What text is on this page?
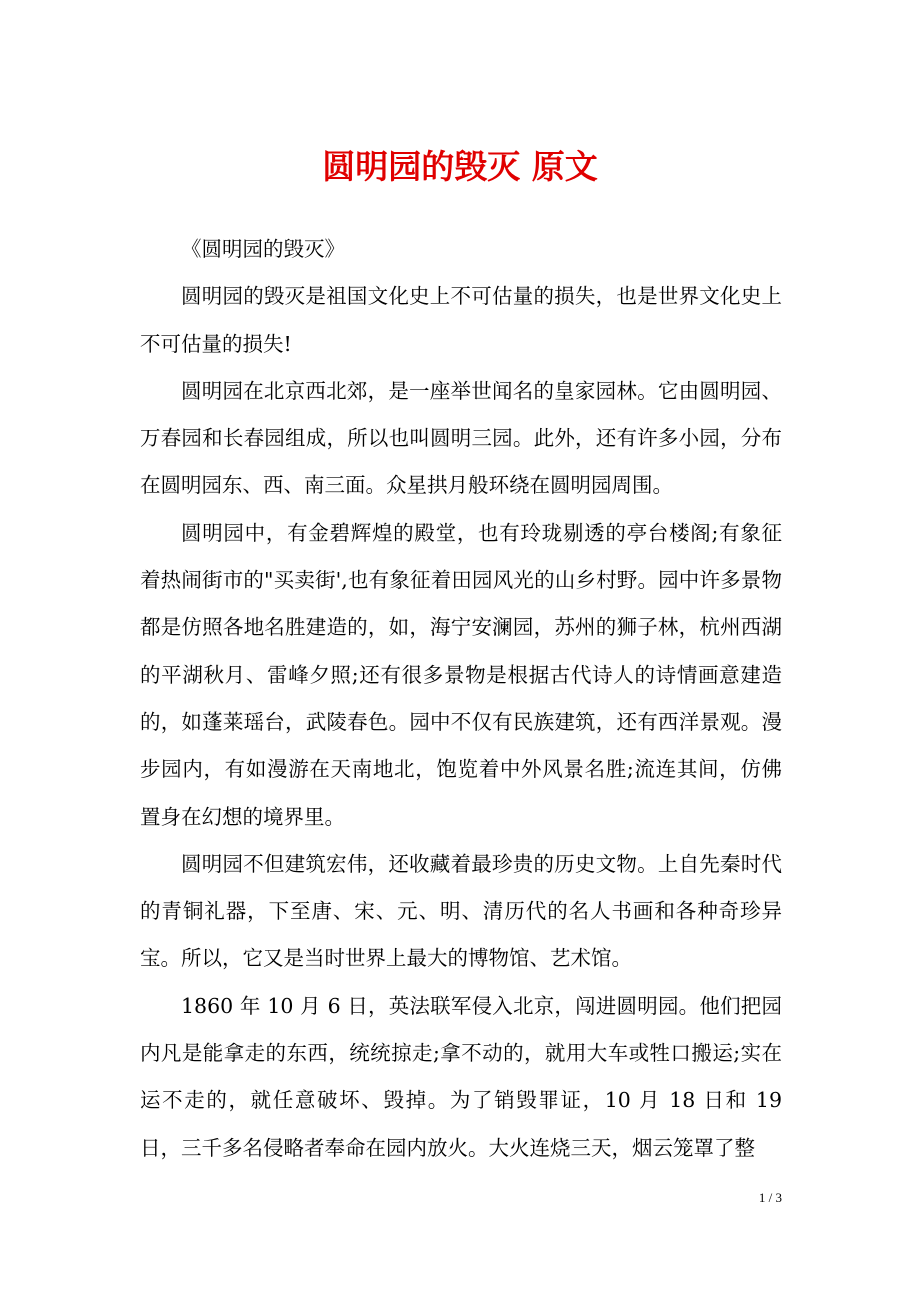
圆明园的毁灭 原文

《圆明园的毁灭》

圆明园的毁灭是祖国文化史上不可估量的损失，也是世界文化史上不可估量的损失!

圆明园在北京西北郊，是一座举世闻名的皇家园林。它由圆明园、万春园和长春园组成，所以也叫圆明三园。此外，还有许多小园，分布在圆明园东、西、南三面。众星拱月般环绕在圆明园周围。

圆明园中，有金碧辉煌的殿堂，也有玲珑剔透的亭台楼阁;有象征着热闹街市的"买卖街',也有象征着田园风光的山乡村野。园中许多景物都是仿照各地名胜建造的，如，海宁安澜园，苏州的狮子林，杭州西湖的平湖秋月、雷峰夕照;还有很多景物是根据古代诗人的诗情画意建造的，如蓬莱瑶台，武陵春色。园中不仅有民族建筑，还有西洋景观。漫步园内，有如漫游在天南地北，饱览着中外风景名胜;流连其间，仿佛置身在幻想的境界里。

圆明园不但建筑宏伟，还收藏着最珍贵的历史文物。上自先秦时代的青铜礼器，下至唐、宋、元、明、清历代的名人书画和各种奇珍异宝。所以，它又是当时世界上最大的博物馆、艺术馆。

1860 年 10 月 6 日，英法联军侵入北京，闯进圆明园。他们把园内凡是能拿走的东西，统统掠走;拿不动的，就用大车或牲口搬运;实在运不走的，就任意破坏、毁掉。为了销毁罪证，10 月 18 日和 19 日，三千多名侵略者奉命在园内放火。大火连烧三天，烟云笼罩了整

1 / 3
